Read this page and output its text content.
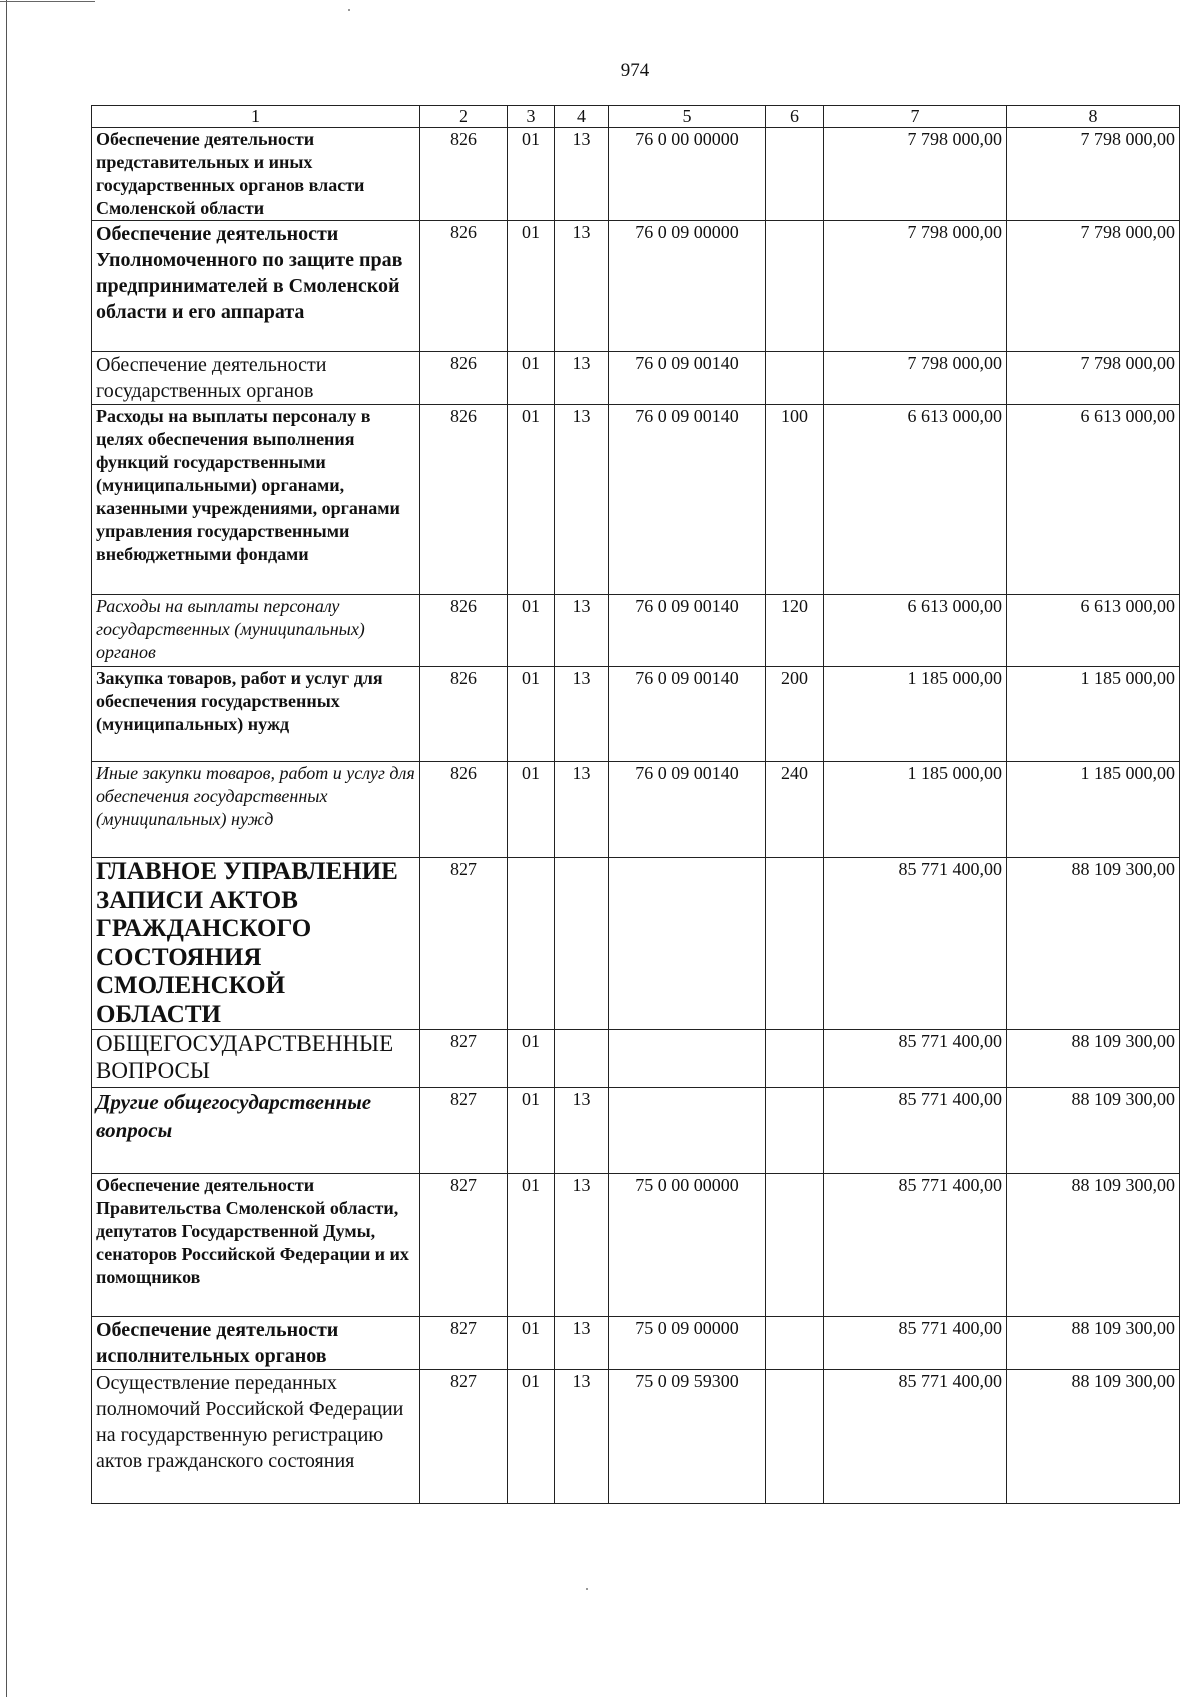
974
1	2	3	4	5	6	7	8
Обеспечение деятельности представительных и иных государственных органов власти Смоленской области	826	01	13	76 0 00 00000		7 798 000,00	7 798 000,00
Обеспечение деятельности Уполномоченного по защите прав предпринимателей в Смоленской области и его аппарата	826	01	13	76 0 09 00000		7 798 000,00	7 798 000,00
Обеспечение деятельности государственных органов	826	01	13	76 0 09 00140		7 798 000,00	7 798 000,00
Расходы на выплаты персоналу в целях обеспечения выполнения функций государственными (муниципальными) органами, казенными учреждениями, органами управления государственными внебюджетными фондами	826	01	13	76 0 09 00140	100	6 613 000,00	6 613 000,00
Расходы на выплаты персоналу государственных (муниципальных) органов	826	01	13	76 0 09 00140	120	6 613 000,00	6 613 000,00
Закупка товаров, работ и услуг для обеспечения государственных (муниципальных) нужд	826	01	13	76 0 09 00140	200	1 185 000,00	1 185 000,00
Иные закупки товаров, работ и услуг для обеспечения государственных (муниципальных) нужд	826	01	13	76 0 09 00140	240	1 185 000,00	1 185 000,00
ГЛАВНОЕ УПРАВЛЕНИЕ ЗАПИСИ АКТОВ ГРАЖДАНСКОГО СОСТОЯНИЯ СМОЛЕНСКОЙ ОБЛАСТИ	827					85 771 400,00	88 109 300,00
ОБЩЕГОСУДАРСТВЕННЫЕ ВОПРОСЫ	827	01				85 771 400,00	88 109 300,00
Другие общегосударственные вопросы	827	01	13			85 771 400,00	88 109 300,00
Обеспечение деятельности Правительства Смоленской области, депутатов Государственной Думы, сенаторов Российской Федерации и их помощников	827	01	13	75 0 00 00000		85 771 400,00	88 109 300,00
Обеспечение деятельности исполнительных органов	827	01	13	75 0 09 00000		85 771 400,00	88 109 300,00
Осуществление переданных полномочий Российской Федерации на государственную регистрацию актов гражданского состояния	827	01	13	75 0 09 59300		85 771 400,00	88 109 300,00
